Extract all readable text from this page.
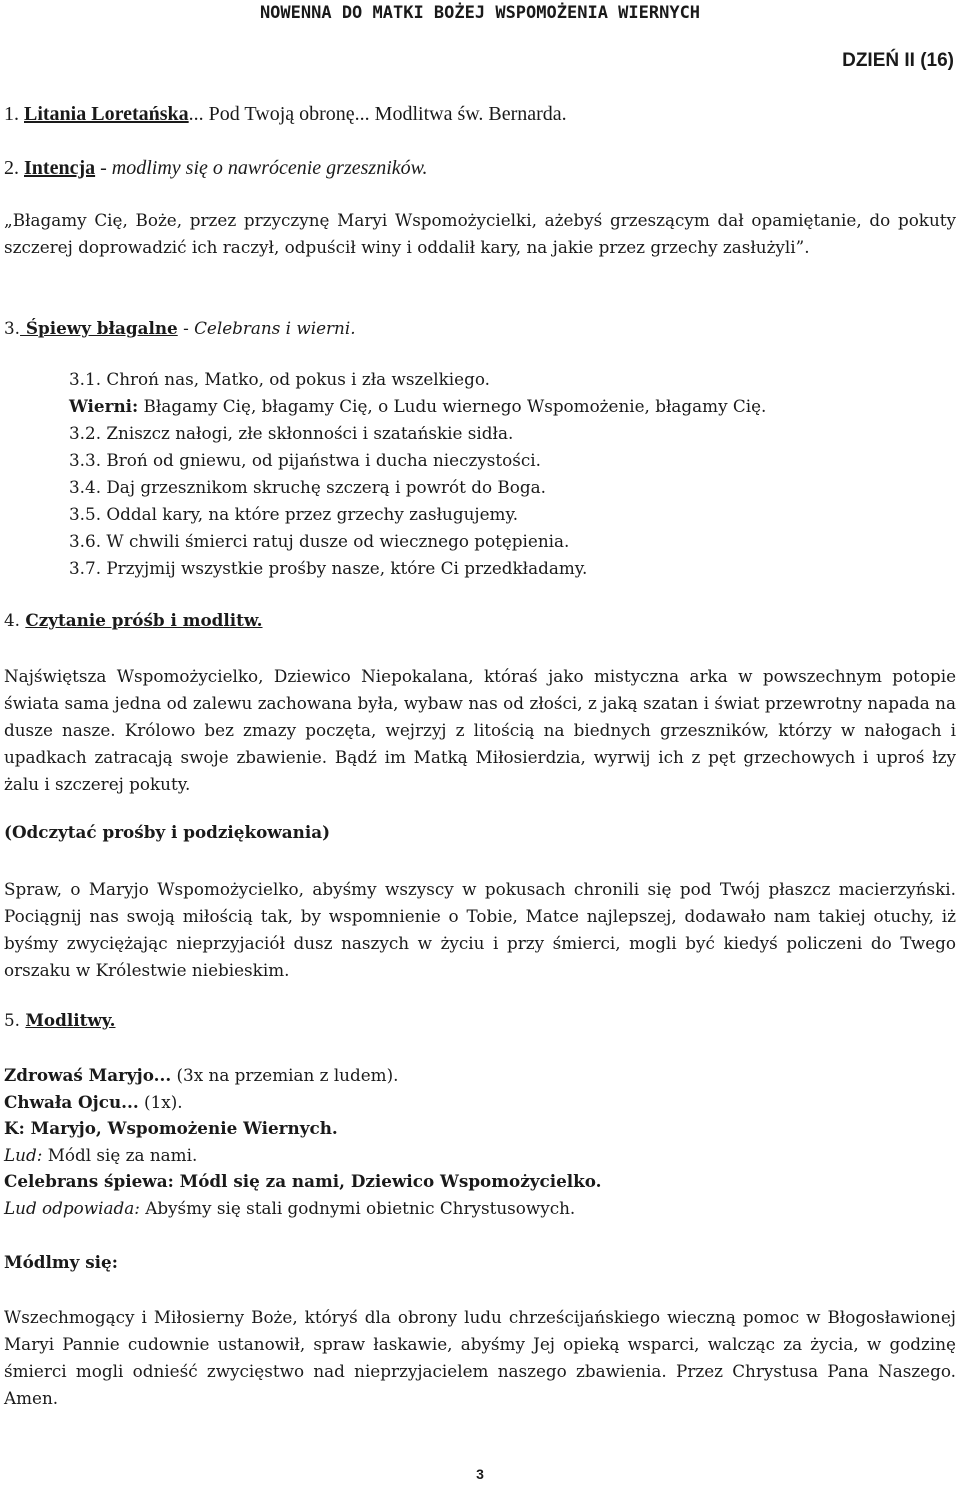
NOWENNA DO MATKI BOŻEJ WSPOMOŻENIA WIERNYCH
DZIEŃ II (16)
1. Litania Loretańska... Pod Twoją obronę... Modlitwa św. Bernarda.
2. Intencja - modlimy się o nawrócenie grzeszników.
„Błagamy Cię, Boże, przez przyczynę Maryi Wspomożycielki, ażebyś grzeszącym dał opamiętanie, do pokuty szczerej doprowadzić ich raczył, odpuścił winy i oddalił kary, na jakie przez grzechy zasłużyli”.
3. Śpiewy błagalne - Celebrans i wierni.
3.1. Chroń nas, Matko, od pokus i zła wszelkiego.
Wierni: Błagamy Cię, błagamy Cię, o Ludu wiernego Wspomożenie, błagamy Cię.
3.2. Zniszcz nałogi, złe skłonności i szatańskie sidła.
3.3. Broń od gniewu, od pijaństwa i ducha nieczystości.
3.4. Daj grzesznikom skruchę szczerą i powrót do Boga.
3.5. Oddal kary, na które przez grzechy zasługujemy.
3.6. W chwili śmierci ratuj dusze od wiecznego potępienia.
3.7. Przyjmij wszystkie prośby nasze, które Ci przedkładamy.
4. Czytanie próśb i modlitw.
Najświętsza Wspomożycielko, Dziewico Niepokalana, któraś jako mistyczna arka w powszechnym potopie świata sama jedna od zalewu zachowana była, wybaw nas od złości, z jaką szatan i świat przewrotny napada na dusze nasze. Królowo bez zmazy poczęta, wejrzyj z litością na biednych grzeszników, którzy w nałogach i upadkach zatracają swoje zbawienie. Bądź im Matką Miłosierdzia, wyrwij ich z pęt grzechowych i uproś łzy żalu i szczerej pokuty.
(Odczytać prośby i podziękowania)
Spraw, o Maryjo Wspomożycielko, abyśmy wszyscy w pokusach chronili się pod Twój płaszcz macierzyński. Pociągnij nas swoją miłością tak, by wspomnienie o Tobie, Matce najlepszej, dodawało nam takiej otuchy, iż byśmy zwyciężając nieprzyjaciół dusz naszych w życiu i przy śmierci, mogli być kiedyś policzeni do Twego orszaku w Królestwie niebieskim.
5. Modlitwy.
Zdrowaś Maryjo... (3x na przemian z ludem).
Chwała Ojcu... (1x).
K: Maryjo, Wspomożenie Wiernych.
Lud: Módl się za nami.
Celebrans śpiewa: Módl się za nami, Dziewico Wspomożycielko.
Lud odpowiada: Abyśmy się stali godnymi obietnic Chrystusowych.
Módlmy się:
Wszechmogący i Miłosierny Boże, któryś dla obrony ludu chrześcijańskiego wieczną pomoc w Błogosławionej Maryi Pannie cudownie ustanowił, spraw łaskawie, abyśmy Jej opieką wsparci, walcząc za życia, w godzinę śmierci mogli odnieść zwycięstwo nad nieprzyjacielem naszego zbawienia. Przez Chrystusa Pana Naszego. Amen.
3
